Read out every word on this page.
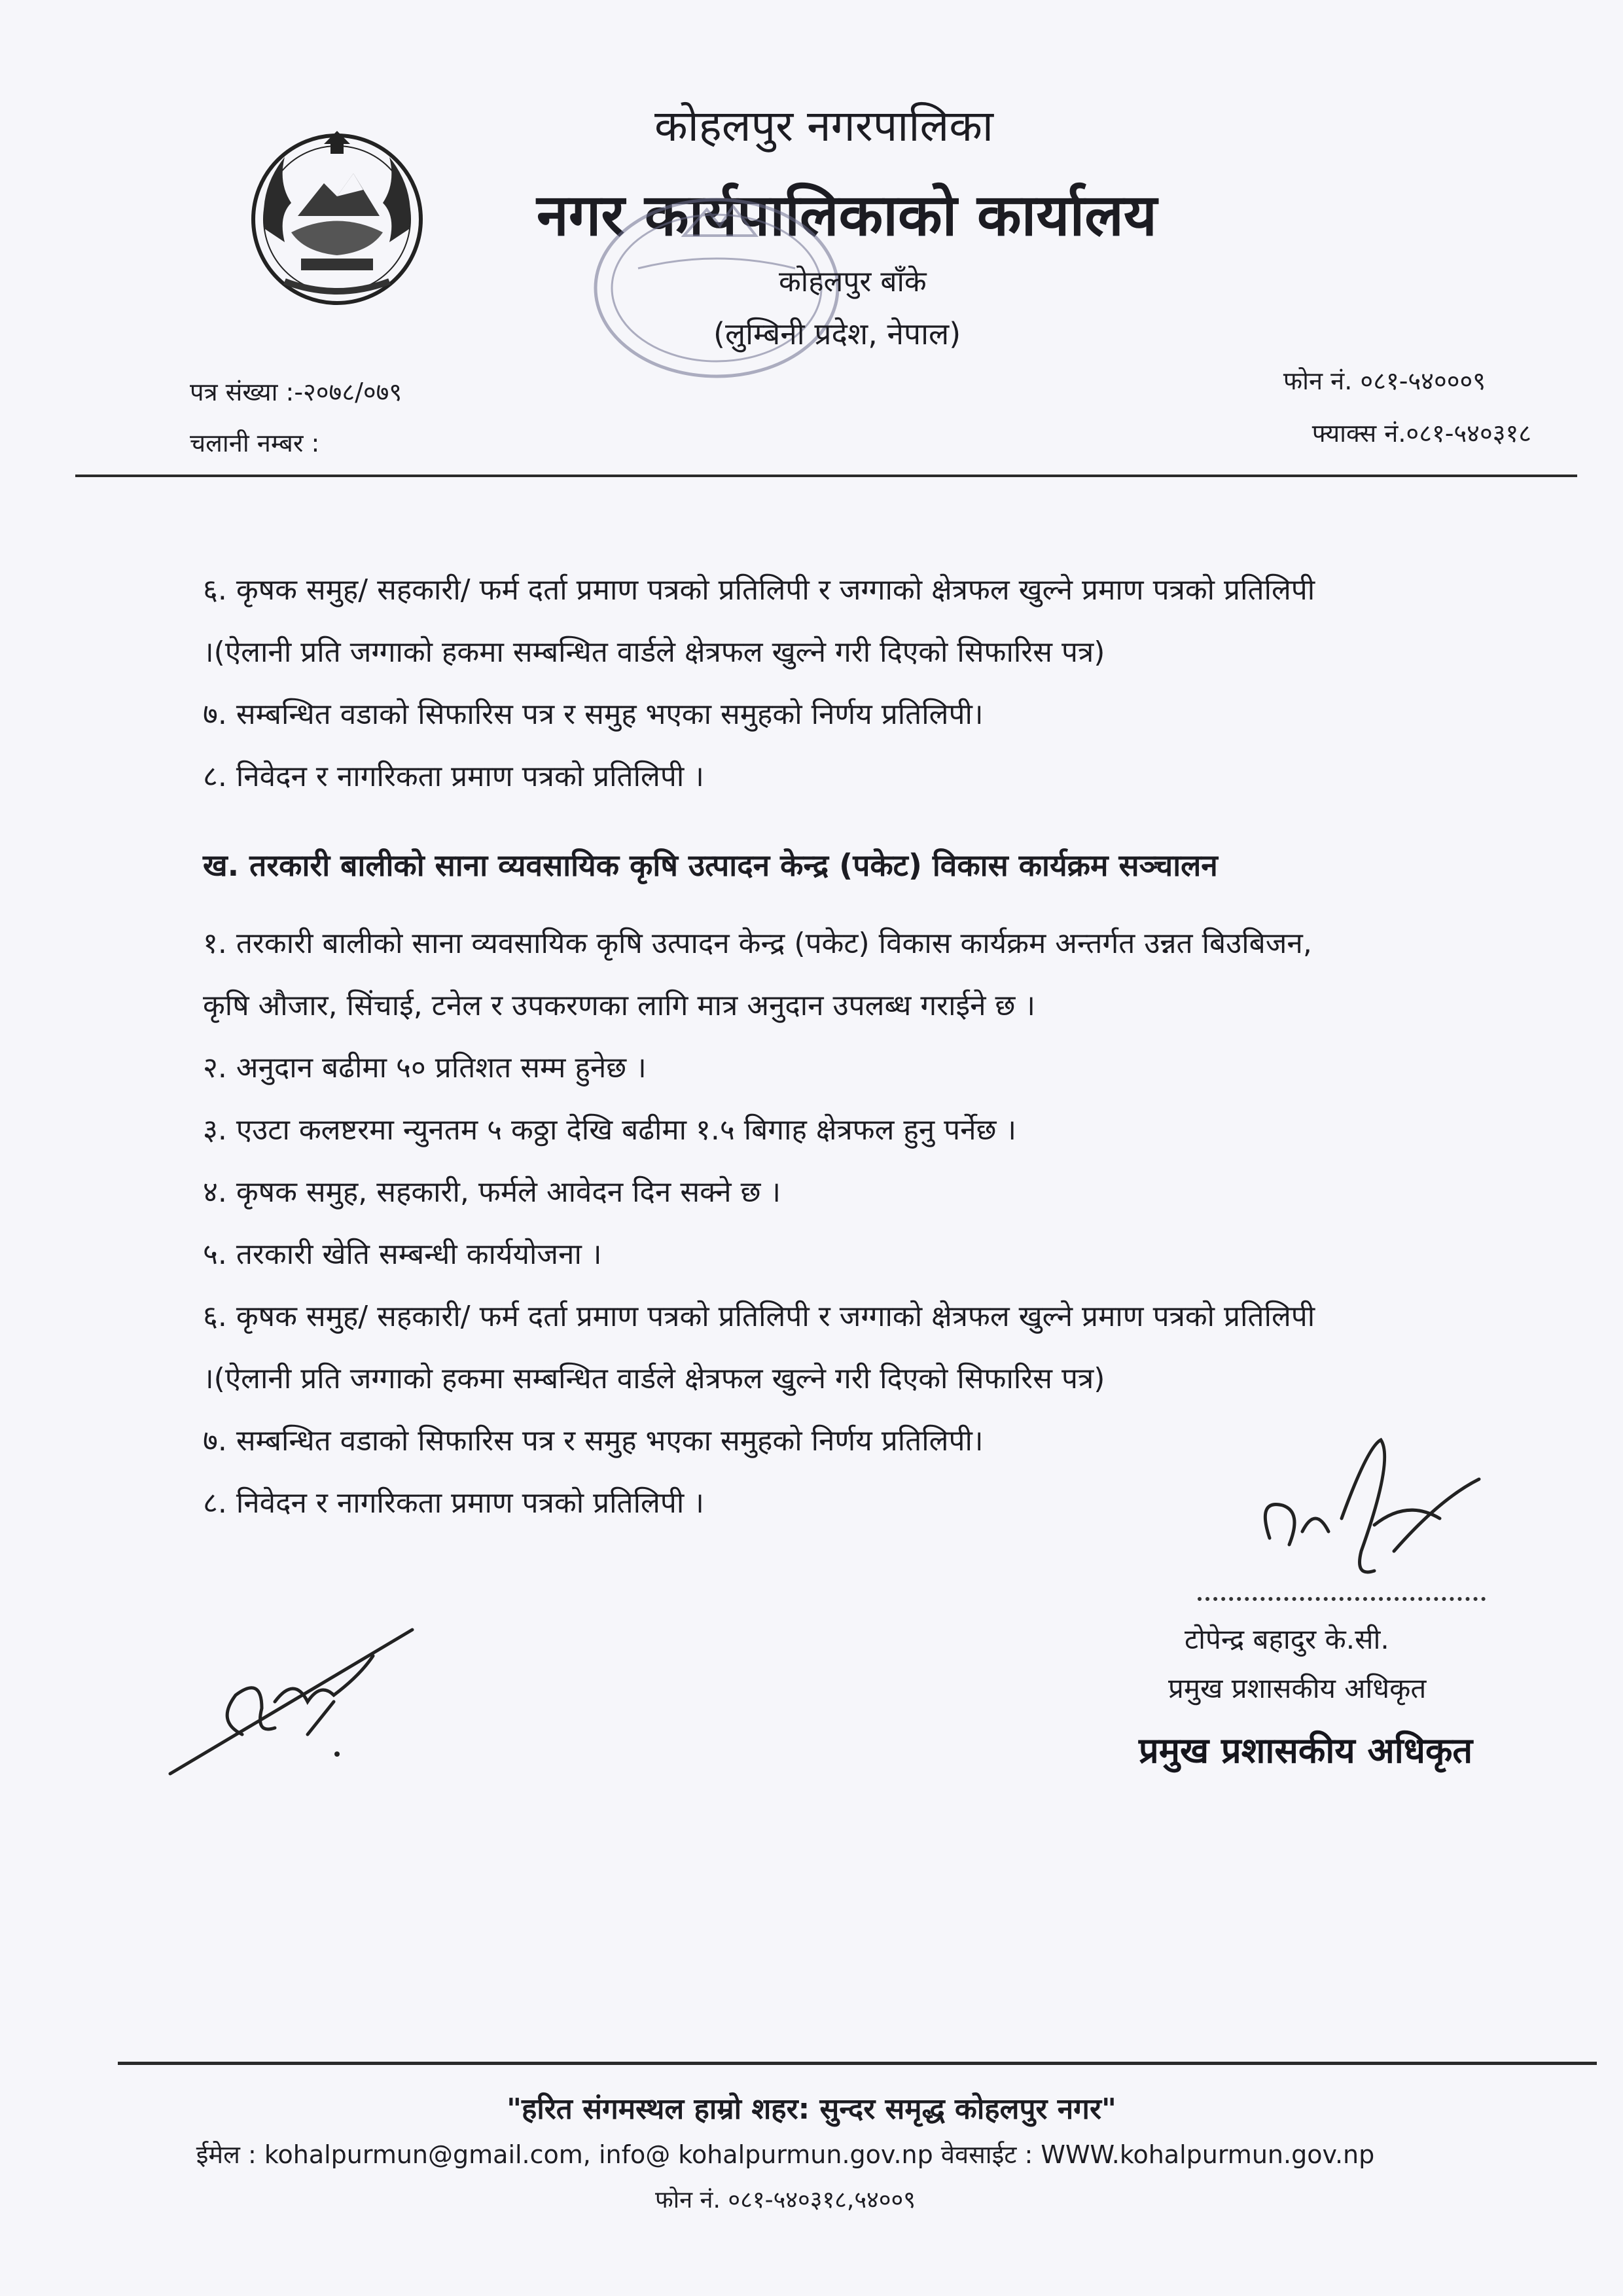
कोहलपुर नगरपालिका
नगर कार्यपालिकाको कार्यालय
कोहलपुर बाँके
(लुम्बिनी प्रदेश, नेपाल)
पत्र संख्या :-२०७८/०७९
चलानी नम्बर :
फोन नं. ०८१-५४०००९
फ्याक्स नं.०८१-५४०३१८
६. कृषक समुह/ सहकारी/ फर्म दर्ता प्रमाण पत्रको प्रतिलिपी र जग्गाको क्षेत्रफल खुल्ने प्रमाण पत्रको प्रतिलिपी
।(ऐलानी प्रति जग्गाको हकमा सम्बन्धित वार्डले क्षेत्रफल खुल्ने गरी दिएको सिफारिस पत्र)
७. सम्बन्धित वडाको सिफारिस पत्र र समुह भएका समुहको निर्णय प्रतिलिपी।
८. निवेदन र नागरिकता प्रमाण पत्रको प्रतिलिपी ।
ख. तरकारी बालीको साना व्यवसायिक कृषि उत्पादन केन्द्र (पकेट) विकास कार्यक्रम सञ्चालन
१. तरकारी बालीको साना व्यवसायिक कृषि उत्पादन केन्द्र (पकेट) विकास कार्यक्रम अन्तर्गत उन्नत बिउबिजन,
कृषि औजार, सिंचाई, टनेल र उपकरणका लागि मात्र अनुदान उपलब्ध गराईने छ ।
२. अनुदान बढीमा ५० प्रतिशत सम्म हुनेछ ।
३. एउटा कलष्टरमा न्युनतम ५ कठ्ठा देखि बढीमा १.५ बिगाह क्षेत्रफल हुनु पर्नेछ ।
४. कृषक समुह, सहकारी, फर्मले आवेदन दिन सक्ने छ ।
५. तरकारी खेति सम्बन्धी कार्ययोजना ।
६. कृषक समुह/ सहकारी/ फर्म दर्ता प्रमाण पत्रको प्रतिलिपी र जग्गाको क्षेत्रफल खुल्ने प्रमाण पत्रको प्रतिलिपी
।(ऐलानी प्रति जग्गाको हकमा सम्बन्धित वार्डले क्षेत्रफल खुल्ने गरी दिएको सिफारिस पत्र)
७. सम्बन्धित वडाको सिफारिस पत्र र समुह भएका समुहको निर्णय प्रतिलिपी।
८. निवेदन र नागरिकता प्रमाण पत्रको प्रतिलिपी ।
टोपेन्द्र बहादुर के.सी.
प्रमुख प्रशासकीय अधिकृत
प्रमुख प्रशासकीय अधिकृत
"हरित संगमस्थल हाम्रो शहर: सुन्दर समृद्ध कोहलपुर नगर"
ईमेल : kohalpurmun@gmail.com, info@ kohalpurmun.gov.np वेवसाईट : WWW.kohalpurmun.gov.np
फोन नं. ०८१-५४०३१८,५४००९
